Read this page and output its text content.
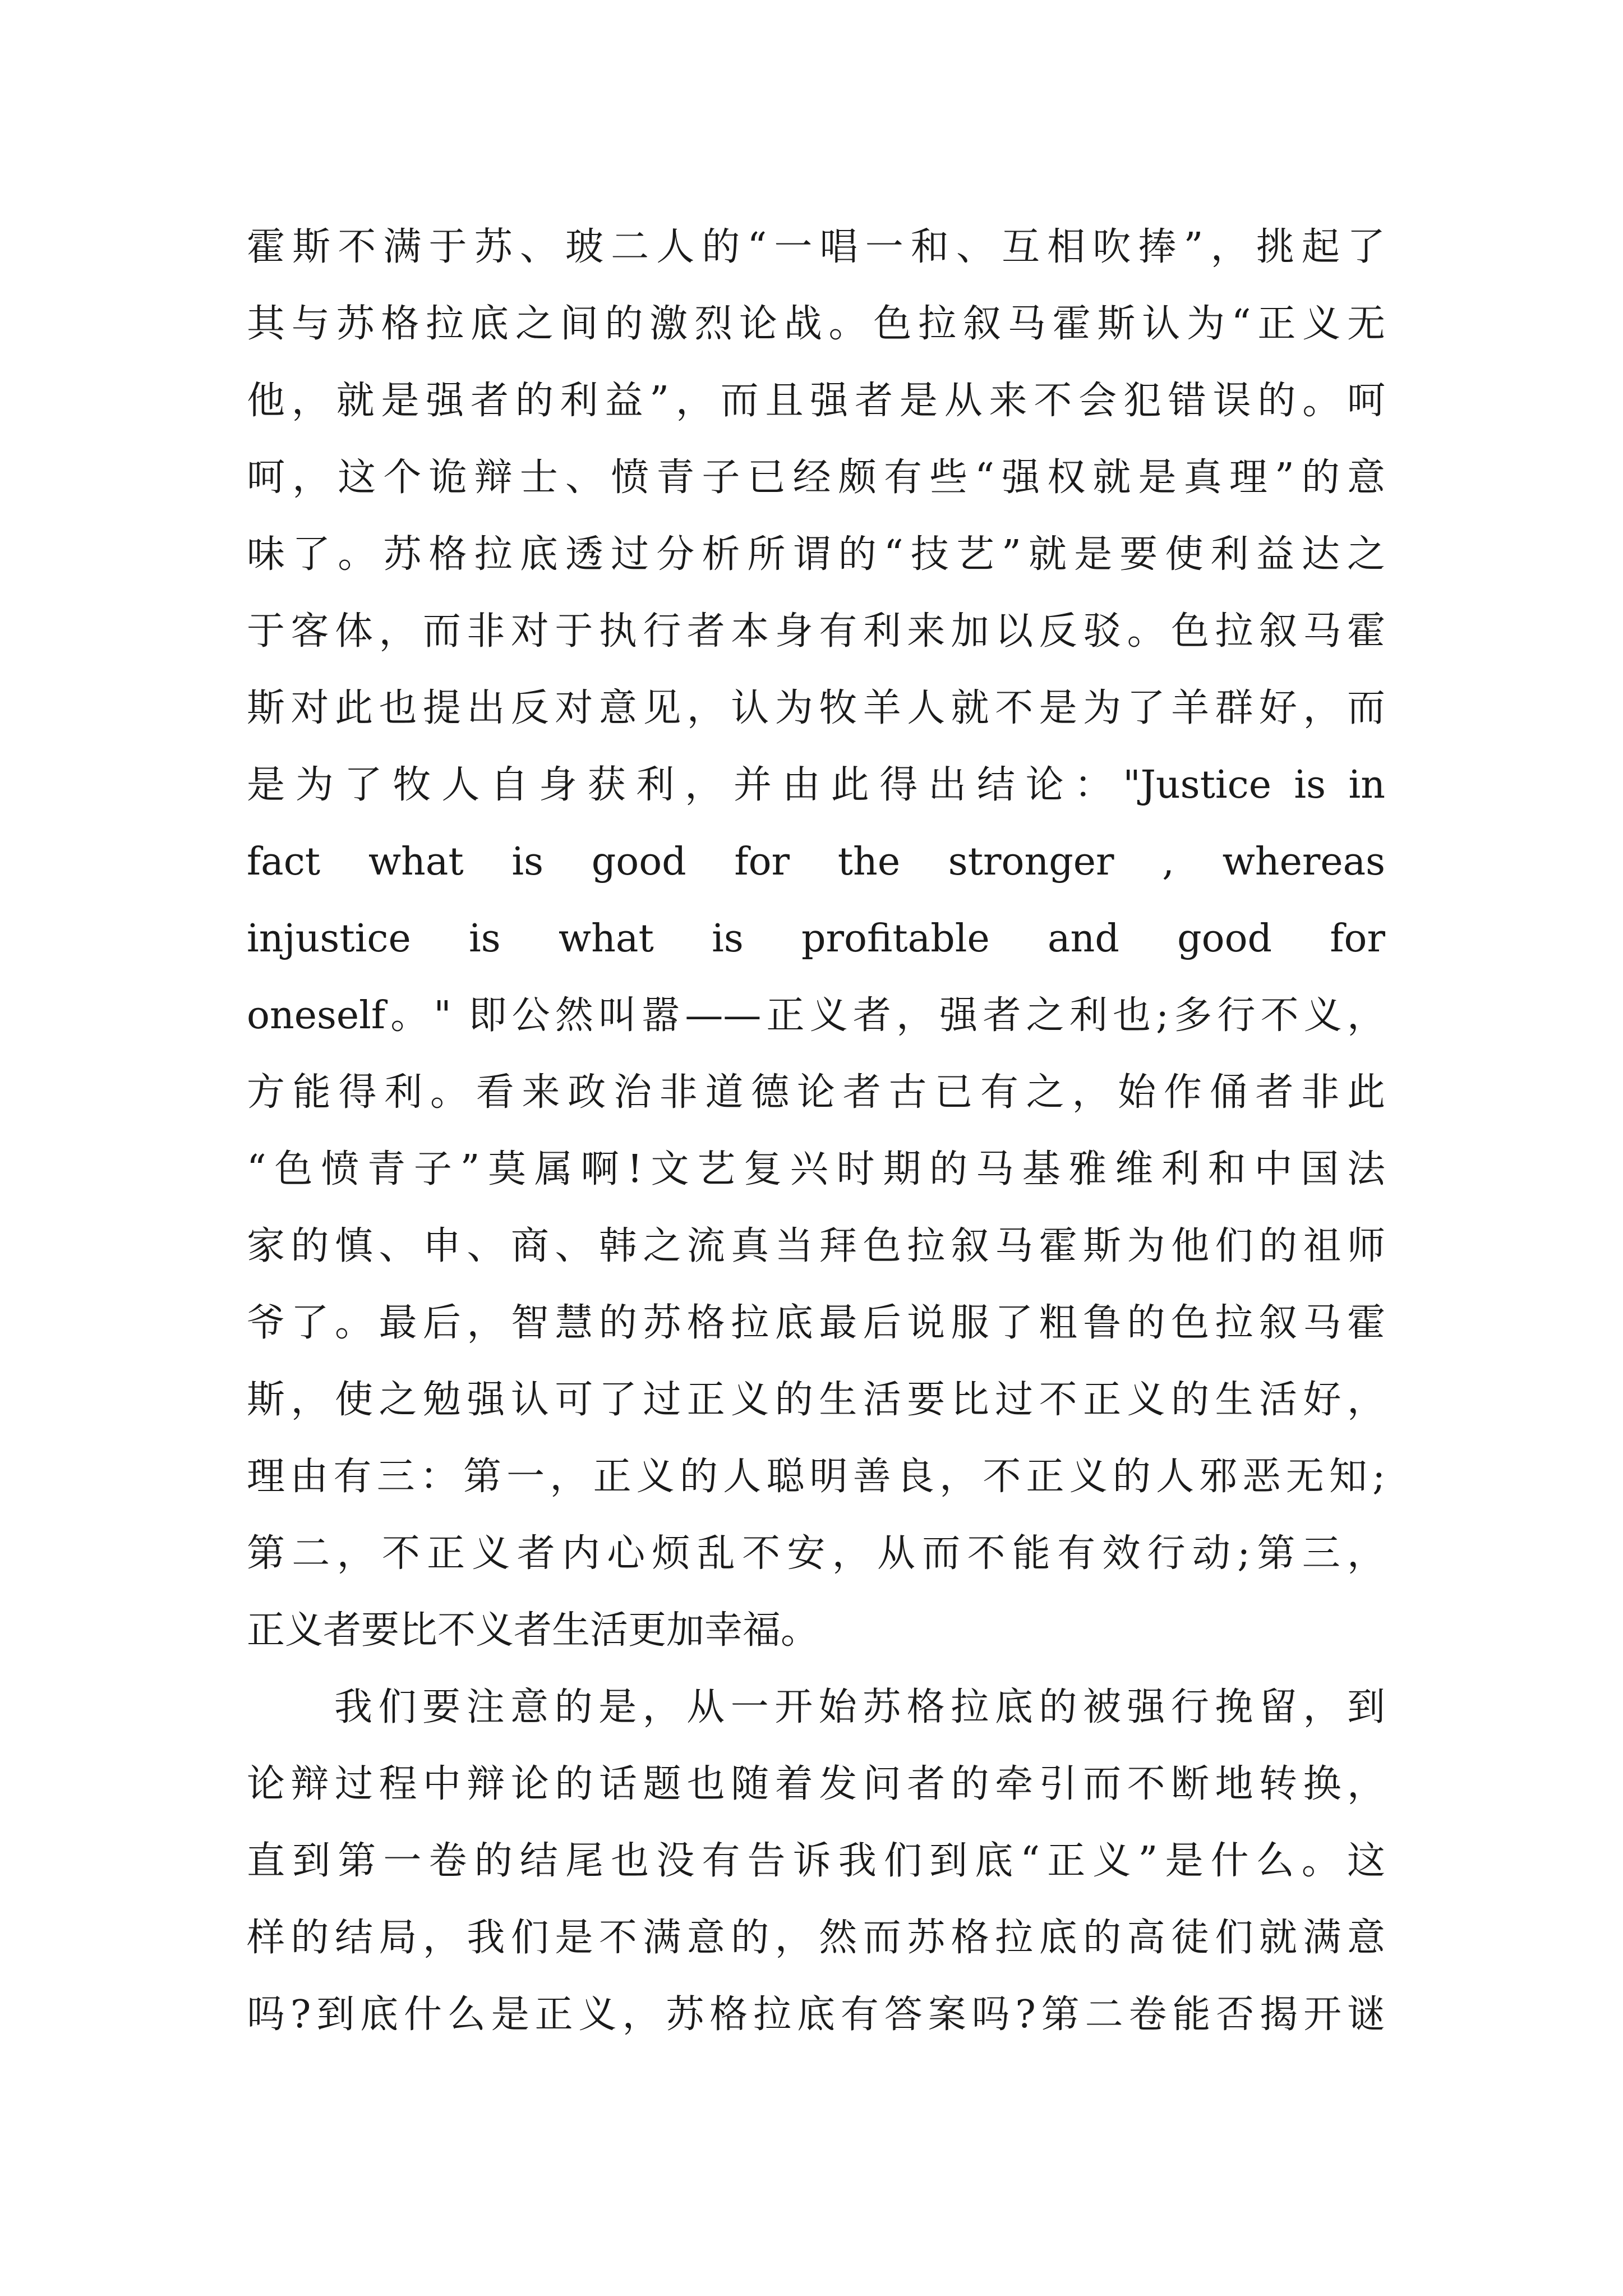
霍斯不满于苏、玻二人的“一唱一和、互相吹捧”，挑起了
其与苏格拉底之间的激烈论战。色拉叙马霍斯认为“正义无
他，就是强者的利益”，而且强者是从来不会犯错误的。呵
呵，这个诡辩士、愤青子已经颇有些“强权就是真理”的意
味了。苏格拉底透过分析所谓的“技艺”就是要使利益达之
于客体，而非对于执行者本身有利来加以反驳。色拉叙马霍
斯对此也提出反对意见，认为牧羊人就不是为了羊群好，而
是为了牧人自身获利，并由此得出结论："Justice is in
fact what is good for the stronger , whereas
injustice is what is profitable and good for
oneself。" 即公然叫嚣——正义者，强者之利也;多行不义，
方能得利。看来政治非道德论者古已有之，始作俑者非此
“色愤青子”莫属啊!文艺复兴时期的马基雅维利和中国法
家的慎、申、商、韩之流真当拜色拉叙马霍斯为他们的祖师
爷了。最后，智慧的苏格拉底最后说服了粗鲁的色拉叙马霍
斯，使之勉强认可了过正义的生活要比过不正义的生活好，
理由有三：第一，正义的人聪明善良，不正义的人邪恶无知;
第二，不正义者内心烦乱不安，从而不能有效行动;第三，
正义者要比不义者生活更加幸福。
我们要注意的是，从一开始苏格拉底的被强行挽留，到
论辩过程中辩论的话题也随着发问者的牵引而不断地转换，
直到第一卷的结尾也没有告诉我们到底“正义”是什么。这
样的结局，我们是不满意的，然而苏格拉底的高徒们就满意
吗?到底什么是正义，苏格拉底有答案吗?第二卷能否揭开谜
